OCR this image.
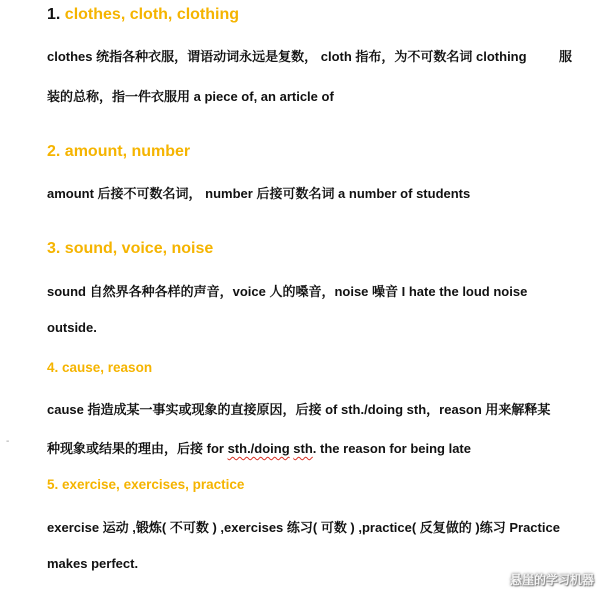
1. clothes, cloth, clothing
clothes 统指各种衣服，谓语动词永远是复数， cloth 指布，为不可数名词 clothing 服
装的总称，指一件衣服用 a piece of, an article of
2. amount, number
amount 后接不可数名词， number 后接可数名词 a number of students
3. sound, voice, noise
sound 自然界各种各样的声音，voice 人的嗓音，noise 噪音 I hate the loud noise
outside.
4. cause, reason
cause 指造成某一事实或现象的直接原因，后接 of sth./doing sth，reason 用来解释某
种现象或结果的理由，后接 for sth./doing sth. the reason for being late
5. exercise, exercises, practice
exercise 运动 ,锻炼( 不可数 ) ,exercises 练习( 可数 ) ,practice( 反复做的 )练习 Practice
makes perfect.
-
悬崖的学习机器
